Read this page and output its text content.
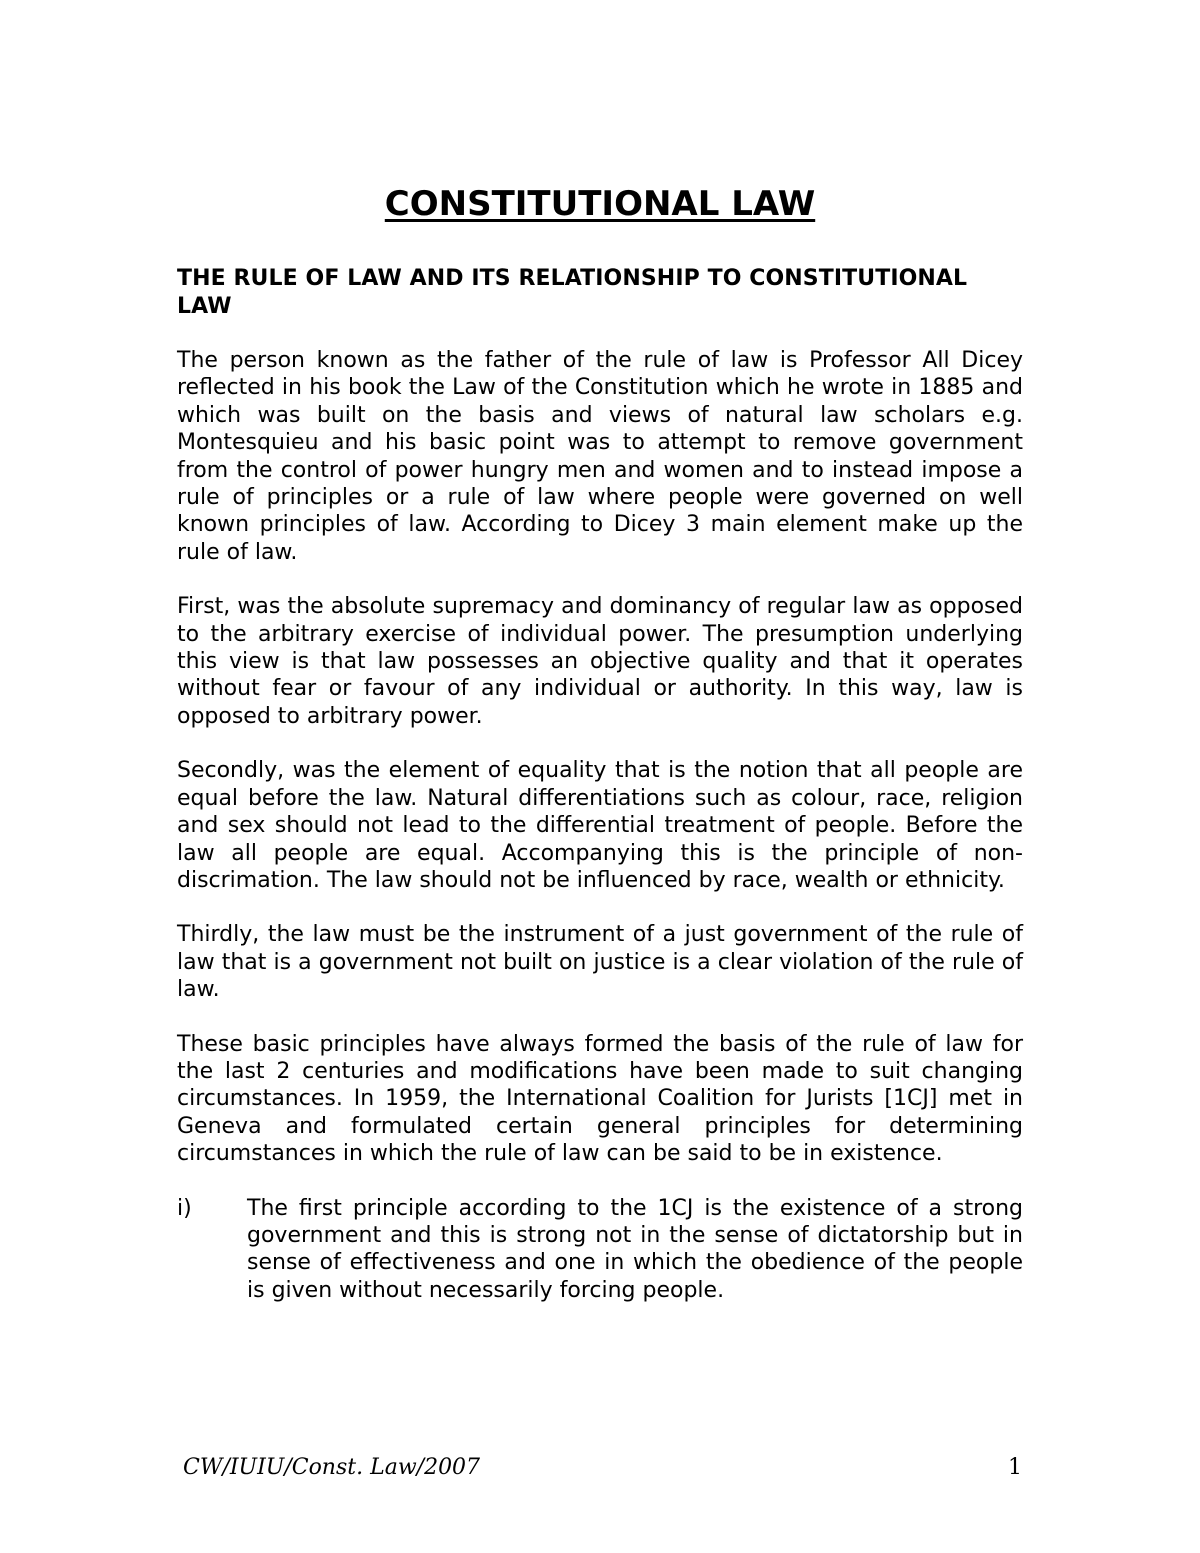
CONSTITUTIONAL LAW
THE RULE OF LAW AND ITS RELATIONSHIP TO CONSTITUTIONAL LAW

The person known as the father of the rule of law is Professor All Dicey reflected in his book the Law of the Constitution which he wrote in 1885 and which was built on the basis and views of natural law scholars e.g. Montesquieu and his basic point was to attempt to remove government from the control of power hungry men and women and to instead impose a rule of principles or a rule of law where people were governed on well known principles of law. According to Dicey 3 main element make up the rule of law.

First, was the absolute supremacy and dominancy of regular law as opposed to the arbitrary exercise of individual power. The presumption underlying this view is that law possesses an objective quality and that it operates without fear or favour of any individual or authority. In this way, law is opposed to arbitrary power.

Secondly, was the element of equality that is the notion that all people are equal before the law. Natural differentiations such as colour, race, religion and sex should not lead to the differential treatment of people. Before the law all people are equal. Accompanying this is the principle of non-discrimation. The law should not be influenced by race, wealth or ethnicity.

Thirdly, the law must be the instrument of a just government of the rule of law that is a government not built on justice is a clear violation of the rule of law.

These basic principles have always formed the basis of the rule of law for the last 2 centuries and modifications have been made to suit changing circumstances. In 1959, the International Coalition for Jurists [1CJ] met in Geneva and formulated certain general principles for determining circumstances in which the rule of law can be said to be in existence.

i)	The first principle according to the 1CJ is the existence of a strong government and this is strong not in the sense of dictatorship but in sense of effectiveness and one in which the obedience of the people is given without necessarily forcing people.
CW/IUIU/Const. Law/2007	1
